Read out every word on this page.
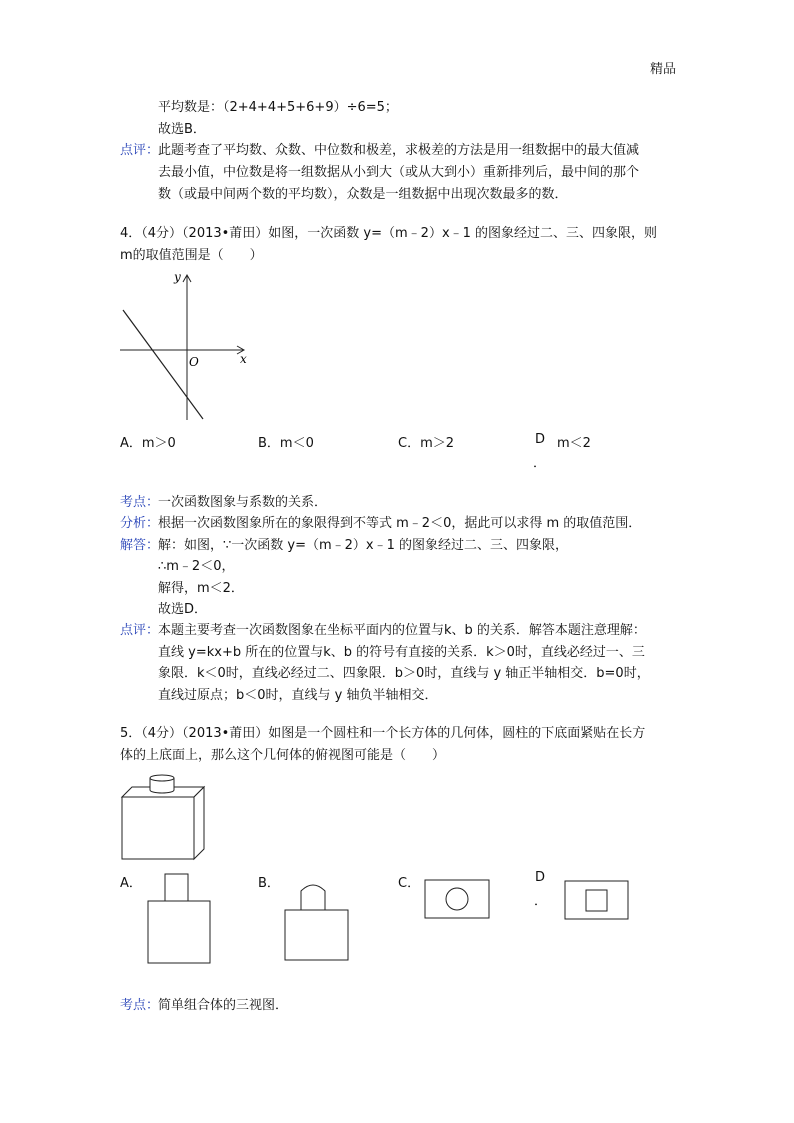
精品
平均数是：（2+4+4+5+6+9）÷6=5；
故选B．
点评：
此题考查了平均数、众数、中位数和极差，求极差的方法是用一组数据中的最大值减
去最小值，中位数是将一组数据从小到大（或从大到小）重新排列后，最中间的那个
数（或最中间两个数的平均数），众数是一组数据中出现次数最多的数．
4．（4分）（2013•莆田）如图，一次函数 y=（m﹣2）x﹣1 的图象经过二、三、四象限，则
m的取值范围是（　　）
y
x
O
A．m＞0	B．m＜0	C．m＞2	D m＜2
．
考点：
一次函数图象与系数的关系．
分析：
根据一次函数图象所在的象限得到不等式 m﹣2＜0，据此可以求得 m 的取值范围．
解答：
解：如图，∵一次函数 y=（m﹣2）x﹣1 的图象经过二、三、四象限，
∴m﹣2＜0，
解得，m＜2．
故选D．
点评：
本题主要考查一次函数图象在坐标平面内的位置与k、b 的关系．解答本题注意理解：
直线 y=kx+b 所在的位置与k、b 的符号有直接的关系．k＞0时，直线必经过一、三
象限．k＜0时，直线必经过二、四象限．b＞0时，直线与 y 轴正半轴相交．b=0时，
直线过原点；b＜0时，直线与 y 轴负半轴相交．
5．（4分）（2013•莆田）如图是一个圆柱和一个长方体的几何体，圆柱的下底面紧贴在长方
体的上底面上，那么这个几何体的俯视图可能是（　　）
A．	B．	C．	D
．
考点：
简单组合体的三视图．
